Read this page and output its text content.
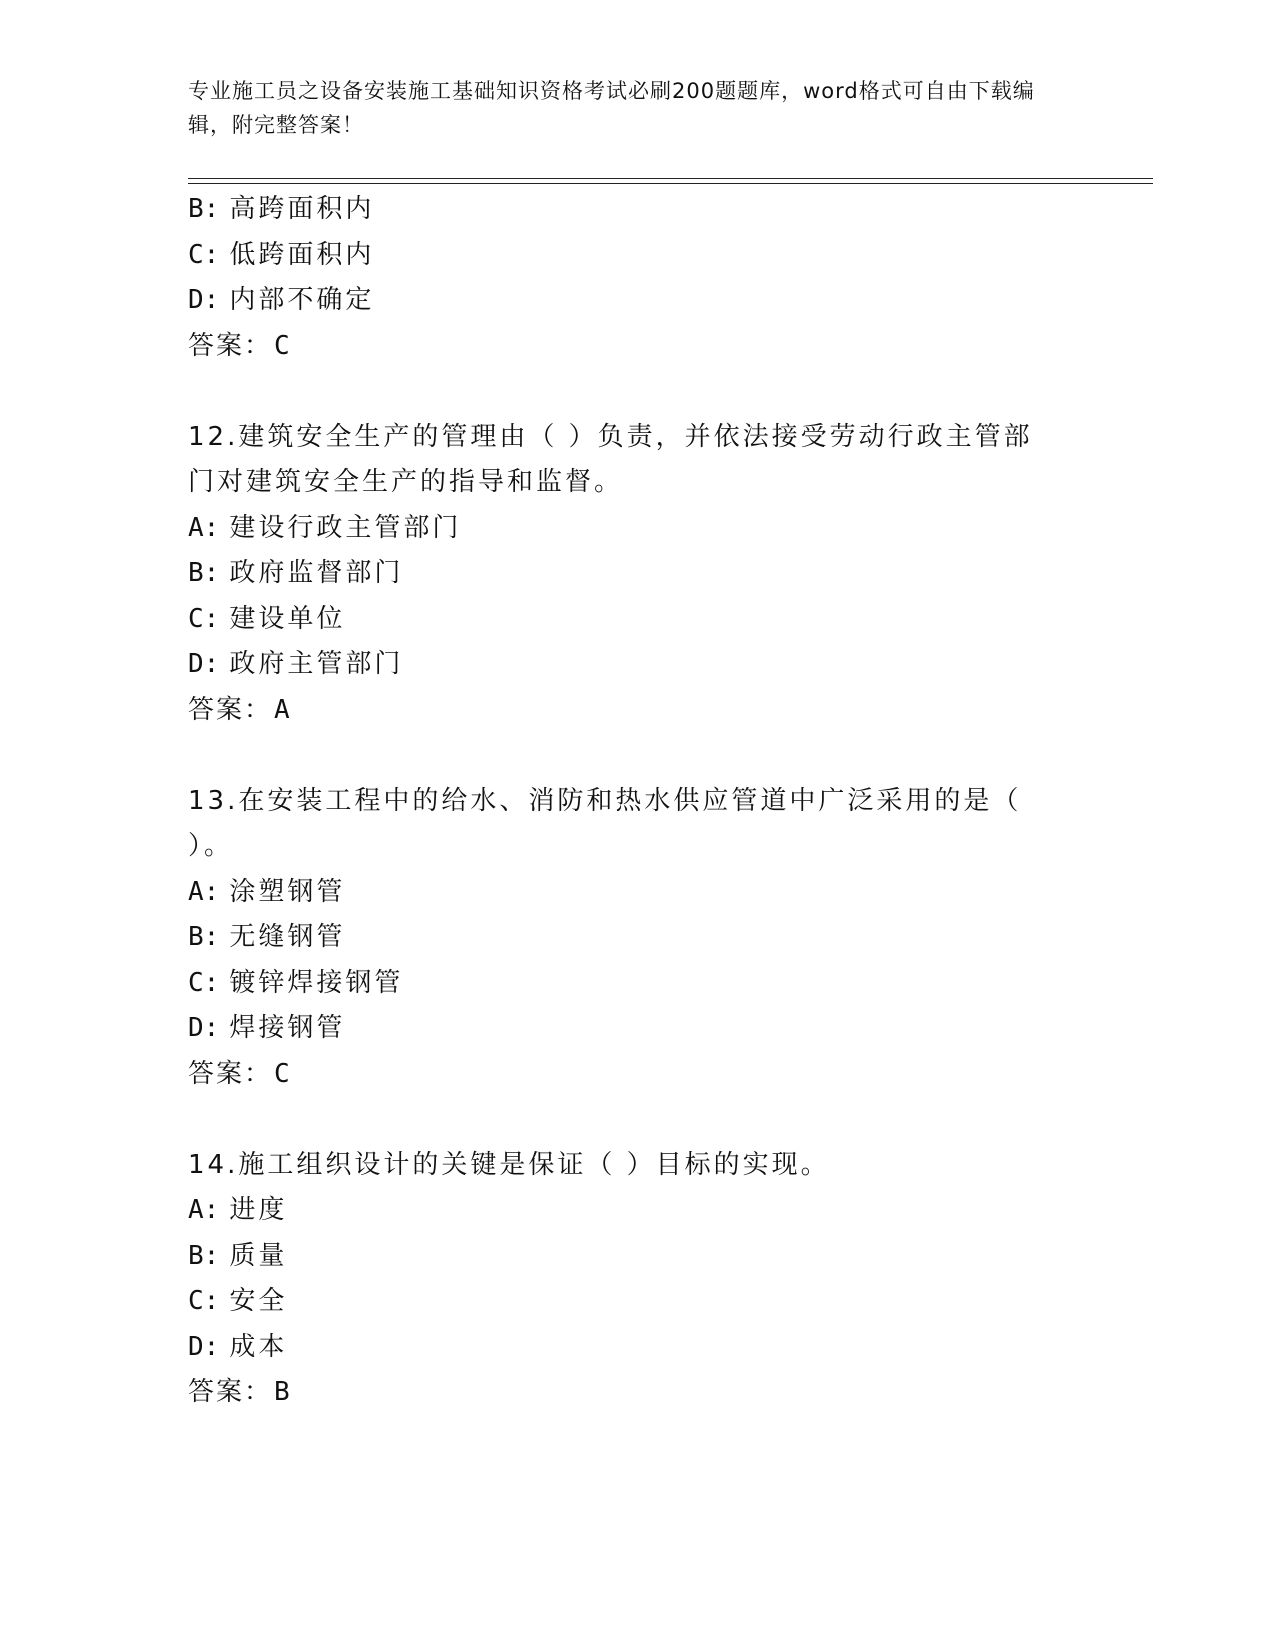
专业施工员之设备安装施工基础知识资格考试必刷200题题库，word格式可自由下载编辑，附完整答案！
B: 高跨面积内
C: 低跨面积内
D: 内部不确定
答案：C
12.建筑安全生产的管理由（ ）负责，并依法接受劳动行政主管部门对建筑安全生产的指导和监督。
A: 建设行政主管部门
B: 政府监督部门
C: 建设单位
D: 政府主管部门
答案：A
13.在安装工程中的给水、消防和热水供应管道中广泛采用的是（ ）。
A: 涂塑钢管
B: 无缝钢管
C: 镀锌焊接钢管
D: 焊接钢管
答案：C
14.施工组织设计的关键是保证（ ）目标的实现。
A: 进度
B: 质量
C: 安全
D: 成本
答案：B
